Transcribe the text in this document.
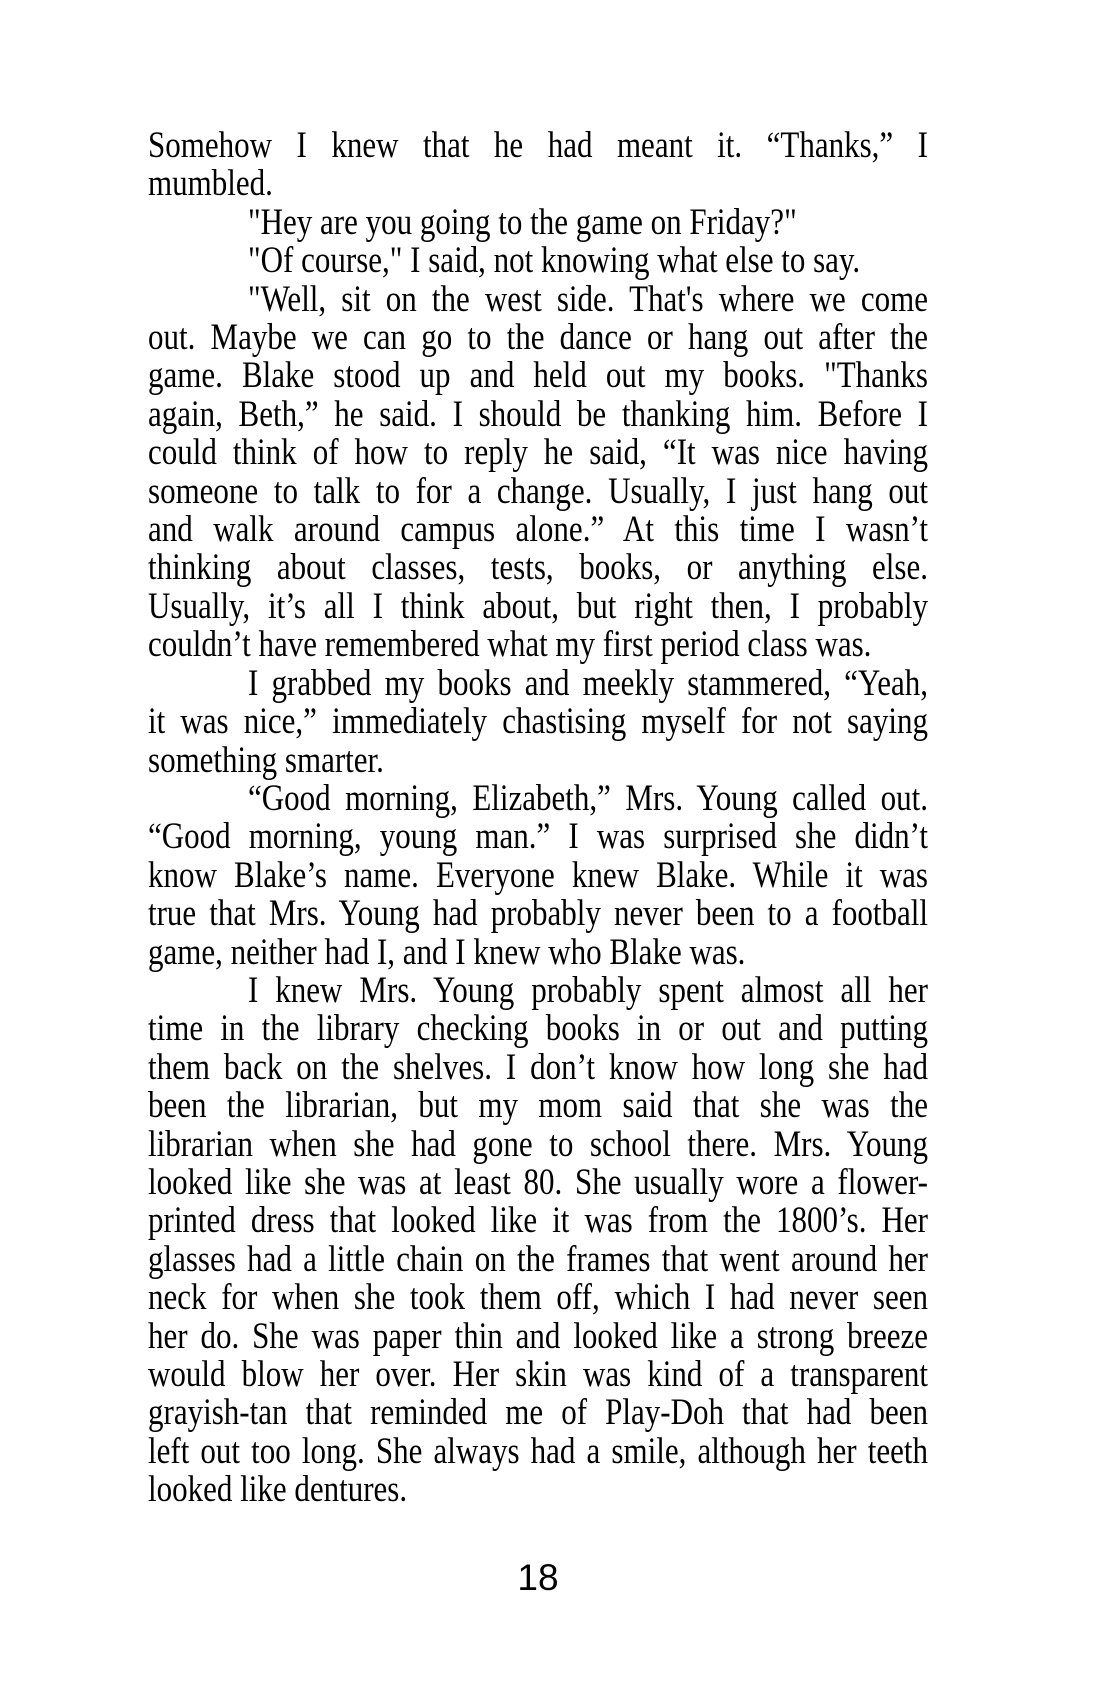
Somehow I knew that he had meant it. “Thanks,” I
mumbled.
"Hey are you going to the game on Friday?"
"Of course," I said, not knowing what else to say.
"Well, sit on the west side. That's where we come
out. Maybe we can go to the dance or hang out after the
game. Blake stood up and held out my books. "Thanks
again, Beth,” he said. I should be thanking him. Before I
could think of how to reply he said, “It was nice having
someone to talk to for a change. Usually, I just hang out
and walk around campus alone.” At this time I wasn’t
thinking about classes, tests, books, or anything else.
Usually, it’s all I think about, but right then, I probably
couldn’t have remembered what my first period class was.
I grabbed my books and meekly stammered, “Yeah,
it was nice,” immediately chastising myself for not saying
something smarter.
“Good morning, Elizabeth,” Mrs. Young called out.
“Good morning, young man.” I was surprised she didn’t
know Blake’s name. Everyone knew Blake. While it was
true that Mrs. Young had probably never been to a football
game, neither had I, and I knew who Blake was.
I knew Mrs. Young probably spent almost all her
time in the library checking books in or out and putting
them back on the shelves. I don’t know how long she had
been the librarian, but my mom said that she was the
librarian when she had gone to school there. Mrs. Young
looked like she was at least 80. She usually wore a flower-
printed dress that looked like it was from the 1800’s. Her
glasses had a little chain on the frames that went around her
neck for when she took them off, which I had never seen
her do. She was paper thin and looked like a strong breeze
would blow her over. Her skin was kind of a transparent
grayish-tan that reminded me of Play-Doh that had been
left out too long. She always had a smile, although her teeth
looked like dentures.
18
